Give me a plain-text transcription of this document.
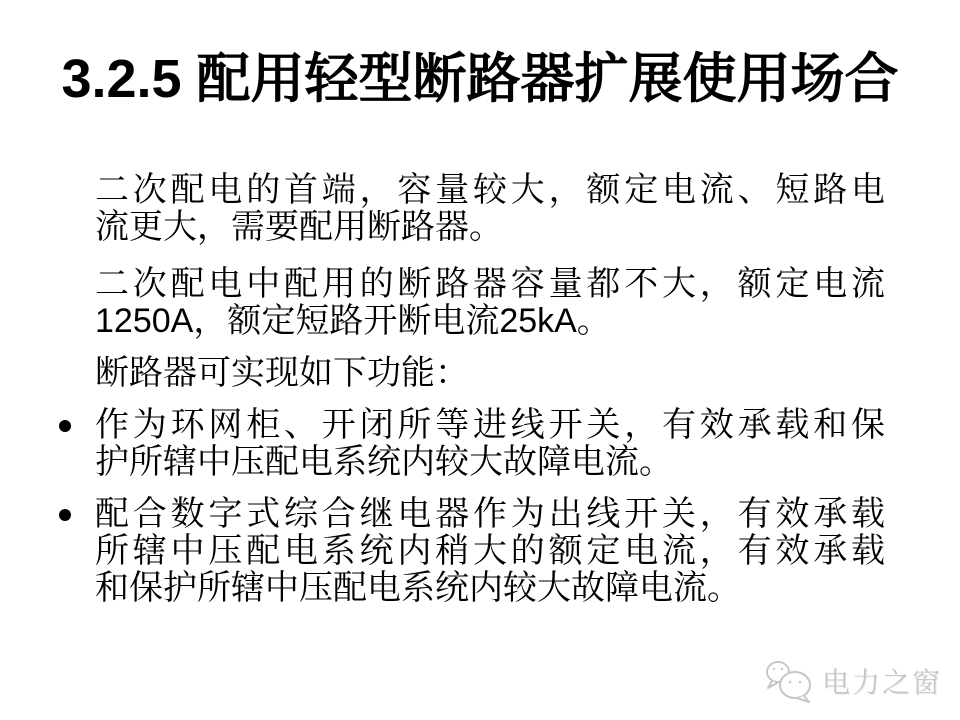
3.2.5 配用轻型断路器扩展使用场合
二次配电的首端，容量较大，额定电流、短路电
流更大，需要配用断路器。
二次配电中配用的断路器容量都不大，额定电流
1250A，额定短路开断电流25kA。
断路器可实现如下功能：
作为环网柜、开闭所等进线开关，有效承载和保
护所辖中压配电系统内较大故障电流。
配合数字式综合继电器作为出线开关，有效承载
所辖中压配电系统内稍大的额定电流，有效承载
和保护所辖中压配电系统内较大故障电流。
电力之窗
